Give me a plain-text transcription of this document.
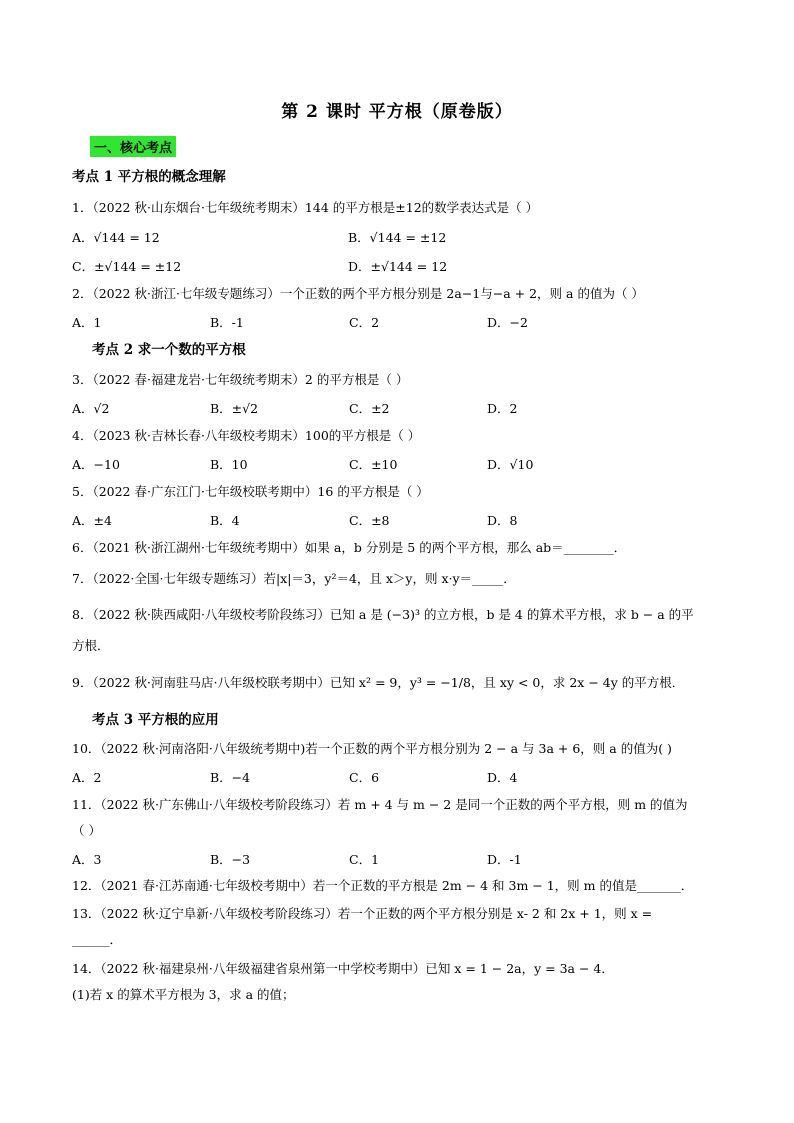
第 2 课时 平方根（原卷版）
一、核心考点
考点 1 平方根的概念理解
1．（2022 秋·山东烟台·七年级统考期末）144 的平方根是±12的数学表达式是（ ）
A．√144 = 12	B．√144 = ±12
C．±√144 = ±12	D．±√144 = 12
2．（2022 秋·浙江·七年级专题练习）一个正数的两个平方根分别是 2a−1与−a + 2，则 a 的值为（ ）
A．1	B．-1	C．2	D．−2
考点 2 求一个数的平方根
3．（2022 春·福建龙岩·七年级统考期末）2 的平方根是（ ）
A．√2	B．±√2	C．±2	D．2
4．（2023 秋·吉林长春·八年级校考期末）100的平方根是（ ）
A．−10	B．10	C．±10	D．√10
5．（2022 春·广东江门·七年级校联考期中）16 的平方根是（ ）
A．±4	B．4	C．±8	D．8
6．（2021 秋·浙江湖州·七年级统考期中）如果 a，b 分别是 5 的两个平方根，那么 ab＝________．
7．（2022·全国·七年级专题练习）若|x|＝3，y²＝4，且 x＞y，则 x·y＝_____．
8．（2022 秋·陕西咸阳·八年级校考阶段练习）已知 a 是 (−3)³ 的立方根，b 是 4 的算术平方根，求 b − a 的平
方根．
9．（2022 秋·河南驻马店·八年级校联考期中）已知 x² = 9，y³ = −1/8，且 xy < 0，求 2x − 4y 的平方根．
考点 3 平方根的应用
10．（2022 秋·河南洛阳·八年级统考期中)若一个正数的两个平方根分别为 2 − a 与 3a + 6，则 a 的值为( )
A．2	B．−4	C．6	D．4
11．（2022 秋·广东佛山·八年级校考阶段练习）若 m + 4 与 m − 2 是同一个正数的两个平方根，则 m 的值为
（ ）
A．3	B．−3	C．1	D．-1
12．（2021 春·江苏南通·七年级校考期中）若一个正数的平方根是 2m − 4 和 3m − 1，则 m 的值是_______．
13．（2022 秋·辽宁阜新·八年级校考阶段练习）若一个正数的两个平方根分别是 x- 2 和 2x + 1，则 x =
______．
14．（2022 秋·福建泉州·八年级福建省泉州第一中学校考期中）已知 x = 1 − 2a，y = 3a − 4．
(1)若 x 的算术平方根为 3，求 a 的值；
